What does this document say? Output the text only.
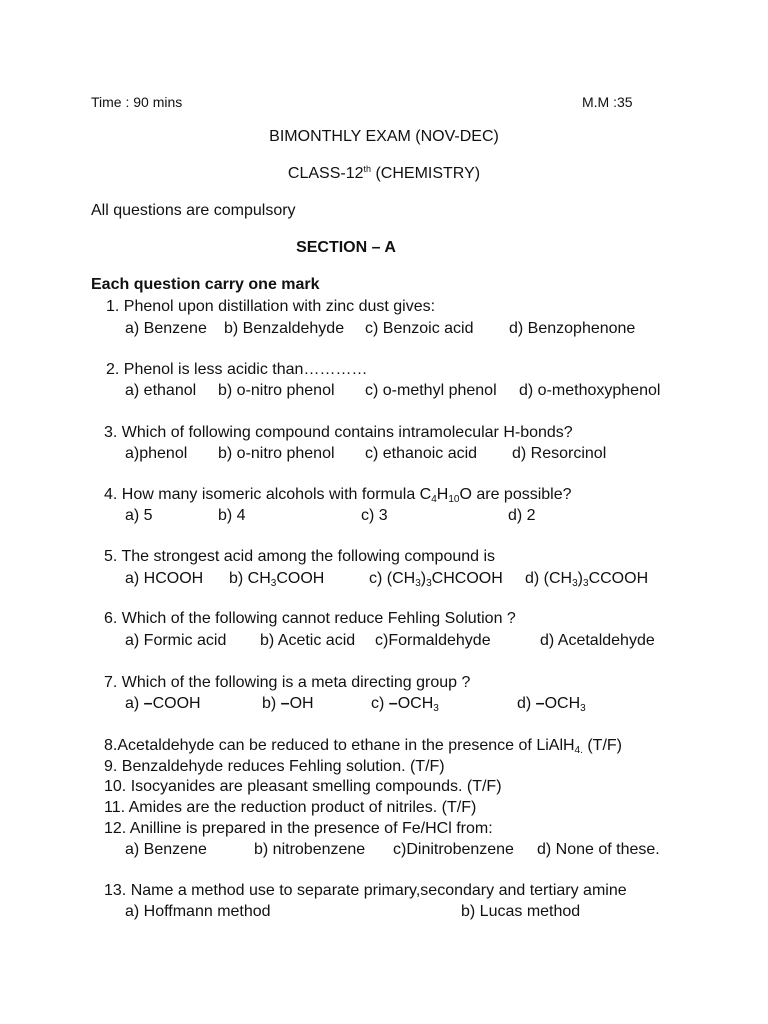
Time : 90 mins	M.M :35
BIMONTHLY EXAM (NOV-DEC)
CLASS-12th (CHEMISTRY)
All questions are compulsory
SECTION – A
Each question carry one mark
1. Phenol upon distillation with zinc dust gives:
a) Benzene b) Benzaldehyde c) Benzoic acid d) Benzophenone
2. Phenol is less acidic than…………
a) ethanol b) o-nitro phenol c) o-methyl phenol d) o-methoxyphenol
3. Which of following compound contains intramolecular H-bonds?
a)phenol b) o-nitro phenol c) ethanoic acid d) Resorcinol
4. How many isomeric alcohols with formula $C_4H_{10}O$ are possible?
a) 5	b) 4	c) 3	d) 2
5. The strongest acid among the following compound is
a) HCOOH b) $CH_3COOH$	c) $(CH_3)_3CHCOOH$ d) $(CH_3)_3CCOOH$
6. Which of the following cannot reduce Fehling Solution ?
a) Formic acid b) Acetic acid c)Formaldehyde	d) Acetaldehyde
7. Which of the following is a meta directing group ?
a) –COOH	b) –OH	c) $-OCH_3$	d) $-OCH_3$
8.Acetaldehyde can be reduced to ethane in the presence of LiAlH$_{4.}$ (T/F)
9. Benzaldehyde reduces Fehling solution. (T/F)
10. Isocyanides are pleasant smelling compounds. (T/F)
11. Amides are the reduction product of nitriles. (T/F)
12. Anilline is prepared in the presence of Fe/HCl from:
a) Benzene	b) nitrobenzene c)Dinitrobenzene d) None of these.
13. Name a method use to separate primary,secondary and tertiary amine
a) Hoffmann method	b) Lucas method
